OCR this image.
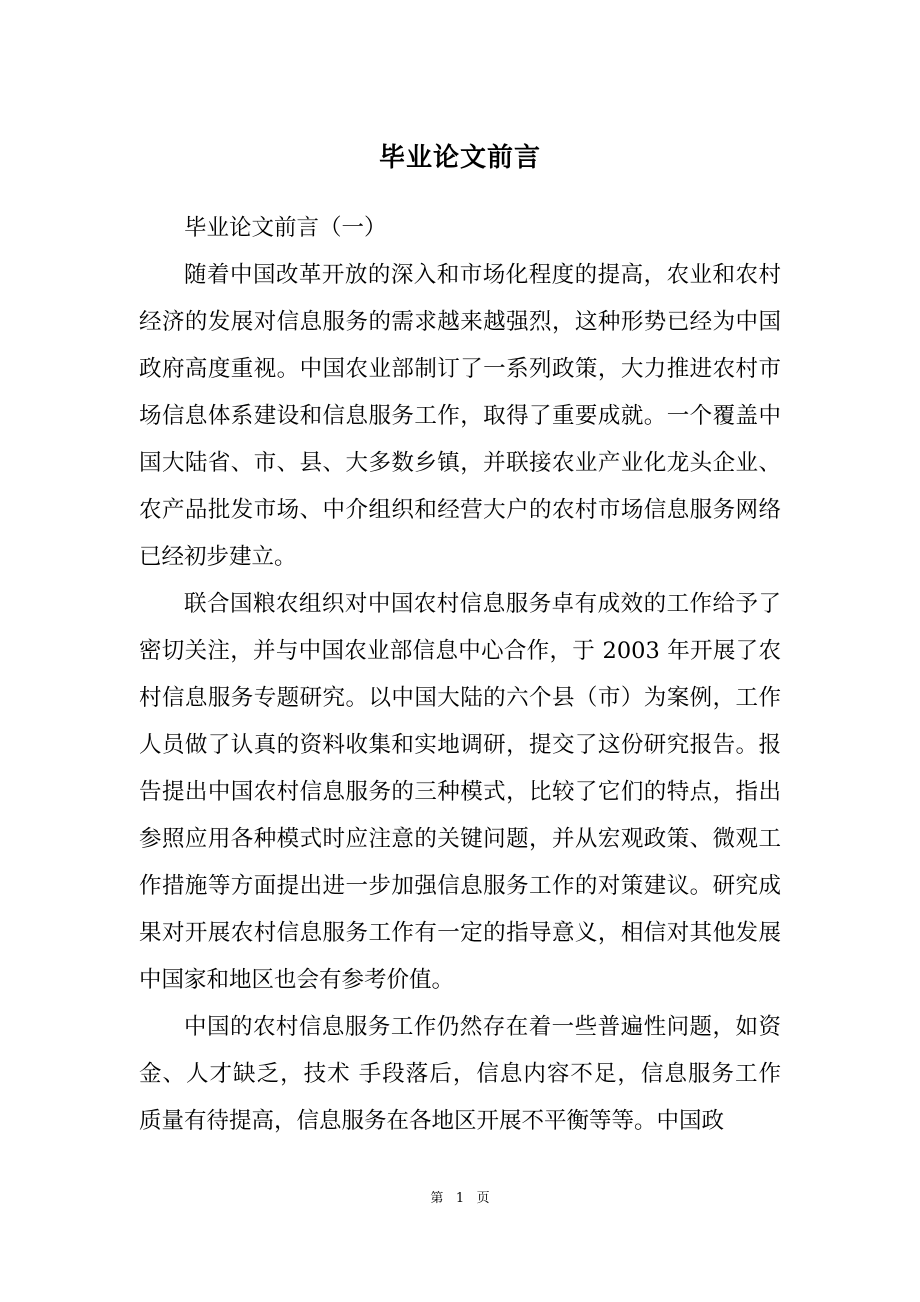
毕业论文前言

毕业论文前言（一）

随着中国改革开放的深入和市场化程度的提高，农业和农村经济的发展对信息服务的需求越来越强烈，这种形势已经为中国政府高度重视。中国农业部制订了一系列政策，大力推进农村市场信息体系建设和信息服务工作，取得了重要成就。一个覆盖中国大陆省、市、县、大多数乡镇，并联接农业产业化龙头企业、农产品批发市场、中介组织和经营大户的农村市场信息服务网络已经初步建立。

联合国粮农组织对中国农村信息服务卓有成效的工作给予了密切关注，并与中国农业部信息中心合作，于 2003 年开展了农村信息服务专题研究。以中国大陆的六个县（市）为案例，工作人员做了认真的资料收集和实地调研，提交了这份研究报告。报告提出中国农村信息服务的三种模式，比较了它们的特点，指出参照应用各种模式时应注意的关键问题，并从宏观政策、微观工作措施等方面提出进一步加强信息服务工作的对策建议。研究成果对开展农村信息服务工作有一定的指导意义，相信对其他发展中国家和地区也会有参考价值。

中国的农村信息服务工作仍然存在着一些普遍性问题，如资金、人才缺乏，技术 手段落后，信息内容不足，信息服务工作 质量有待提高，信息服务在各地区开展不平衡等等。中国政

第 1 页
